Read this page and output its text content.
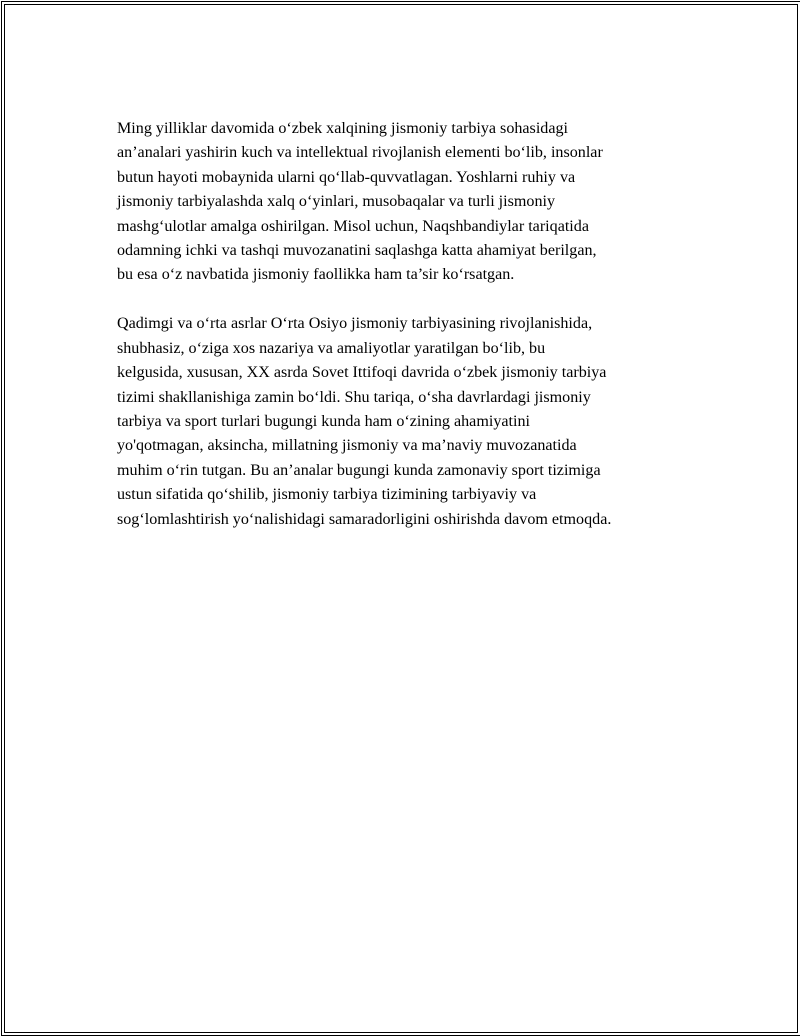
Ming yilliklar davomida o‘zbek xalqining jismoniy tarbiya sohasidagi
an’analari yashirin kuch va intellektual rivojlanish elementi bo‘lib, insonlar
butun hayoti mobaynida ularni qo‘llab-quvvatlagan. Yoshlarni ruhiy va
jismoniy tarbiyalashda xalq o‘yinlari, musobaqalar va turli jismoniy
mashg‘ulotlar amalga oshirilgan. Misol uchun, Naqshbandiylar tariqatida
odamning ichki va tashqi muvozanatini saqlashga katta ahamiyat berilgan,
bu esa o‘z navbatida jismoniy faollikka ham ta’sir ko‘rsatgan.

Qadimgi va o‘rta asrlar O‘rta Osiyo jismoniy tarbiyasining rivojlanishida,
shubhasiz, o‘ziga xos nazariya va amaliyotlar yaratilgan bo‘lib, bu
kelgusida, xususan, XX asrda Sovet Ittifoqi davrida o‘zbek jismoniy tarbiya
tizimi shakllanishiga zamin bo‘ldi. Shu tariqa, o‘sha davrlardagi jismoniy
tarbiya va sport turlari bugungi kunda ham o‘zining ahamiyatini
yo'qotmagan, aksincha, millatning jismoniy va ma’naviy muvozanatida
muhim o‘rin tutgan. Bu an’analar bugungi kunda zamonaviy sport tizimiga
ustun sifatida qo‘shilib, jismoniy tarbiya tizimining tarbiyaviy va
sog‘lomlashtirish yo‘nalishidagi samaradorligini oshirishda davom etmoqda.
